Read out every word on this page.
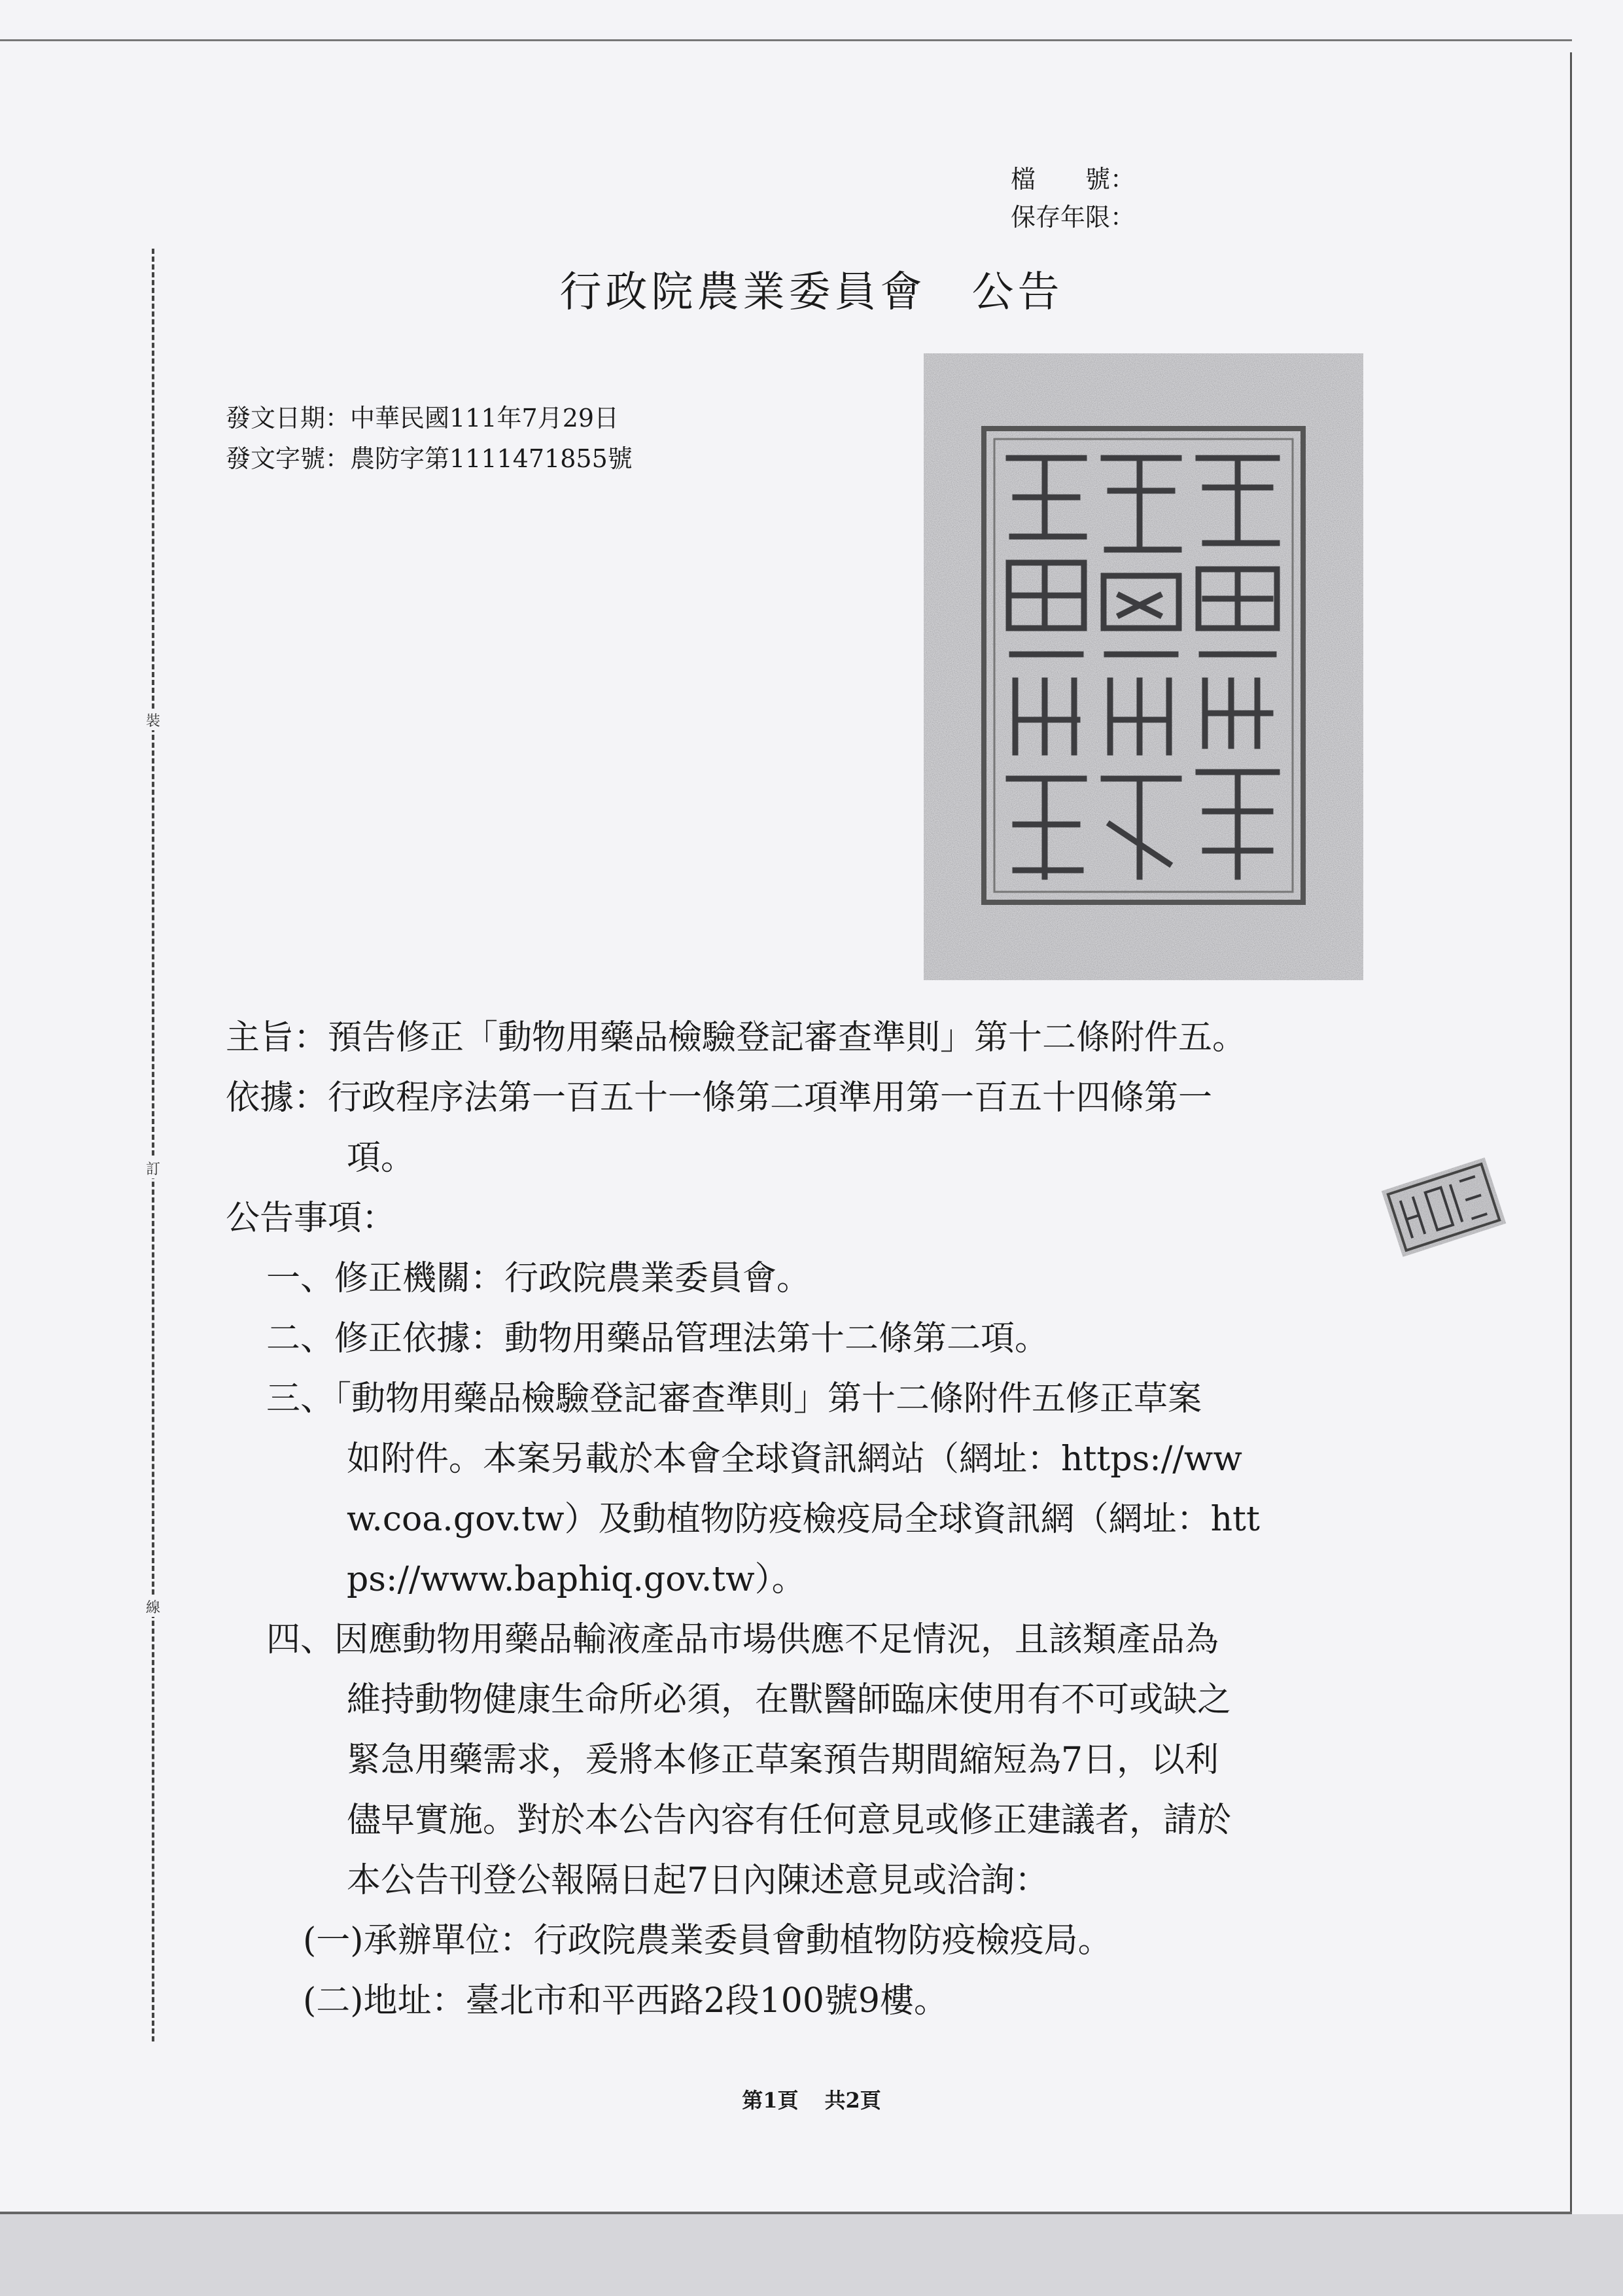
裝
訂
線
檔　　號：
保存年限：
行政院農業委員會 公告
發文日期：中華民國111年7月29日
發文字號：農防字第1111471855號
主旨：預告修正「動物用藥品檢驗登記審查準則」第十二條附件五。
依據：行政程序法第一百五十一條第二項準用第一百五十四條第一
項。
公告事項：
一、修正機關：行政院農業委員會。
二、修正依據：動物用藥品管理法第十二條第二項。
三、「動物用藥品檢驗登記審查準則」第十二條附件五修正草案
如附件。本案另載於本會全球資訊網站（網址：https://ww
w.coa.gov.tw）及動植物防疫檢疫局全球資訊網（網址：htt
ps://www.baphiq.gov.tw）。
四、因應動物用藥品輸液產品市場供應不足情況，且該類產品為
維持動物健康生命所必須，在獸醫師臨床使用有不可或缺之
緊急用藥需求，爰將本修正草案預告期間縮短為7日，以利
儘早實施。對於本公告內容有任何意見或修正建議者，請於
本公告刊登公報隔日起7日內陳述意見或洽詢：
(一)承辦單位：行政院農業委員會動植物防疫檢疫局。
(二)地址：臺北市和平西路2段100號9樓。
第1頁 共2頁
